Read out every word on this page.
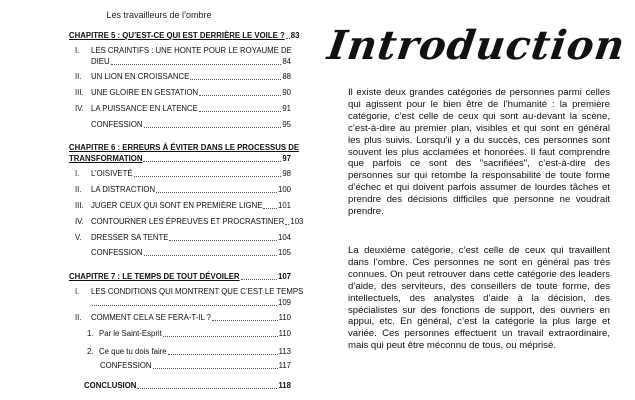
Les travailleurs de l’ombre
CHAPITRE 5 : QU’EST-CE QUI EST DERRIÈRE LE VOILE ? 83
I. LES CRAINTIFS : UNE HONTE POUR LE ROYAUME DE
DIEU	84
II. UN LION EN CROISSANCE	88
III. UNE GLOIRE EN GESTATION	90
IV. LA PUISSANCE EN LATENCE	91
CONFESSION	95
CHAPITRE 6 : ERREURS À ÉVITER DANS LE PROCESSUS DE
TRANSFORMATION	97
I. L’OISIVETÉ	98
II. LA DISTRACTION	100
III. JUGER CEUX QUI SONT EN PREMIÈRE LIGNE 101
IV. CONTOURNER LES ÉPREUVES ET PROCRASTINER 103
V. DRESSER SA TENTE	104
CONFESSION	105
CHAPITRE 7 : LE TEMPS DE TOUT DÉVOILER	107
I. LES CONDITIONS QUI MONTRENT QUE C’EST LE TEMPS
109
II. COMMENT CELA SE FERA-T-IL ?	110
1. Par le Saint-Esprit	110
2. Ce que tu dois faire	113
CONFESSION	117
CONCLUSION	118
Introduction

Il existe deux grandes catégories de personnes parmi celles qui agissent pour le bien être de l’humanité : la première catégorie, c’est celle de ceux qui sont au-devant la scène, c’est-à-dire au premier plan, visibles et qui sont en général les plus suivis. Lorsqu’il y a du succès, ces personnes sont souvent les plus acclamées et honorées. Il faut comprendre que parfois ce sont des "sacrifiées", c’est-à-dire des personnes sur qui retombe la responsabilité de toute forme d’échec et qui doivent parfois assumer de lourdes tâches et prendre des décisions difficiles que personne ne voudrait prendre.

La deuxième catégorie, c’est celle de ceux qui travaillent dans l’ombre. Ces personnes ne sont en général pas très connues. On peut retrouver dans cette catégorie des leaders d’aide, des serviteurs, des conseillers de toute forme, des intellectuels, des analystes d’aide à la décision, des spécialistes sur des fonctions de support, des ouvriers en appui, etc. En général, c’est la catégorie la plus large et variée. Ces personnes effectuent un travail extraordinaire, mais qui peut être méconnu de tous, ou méprisé.
